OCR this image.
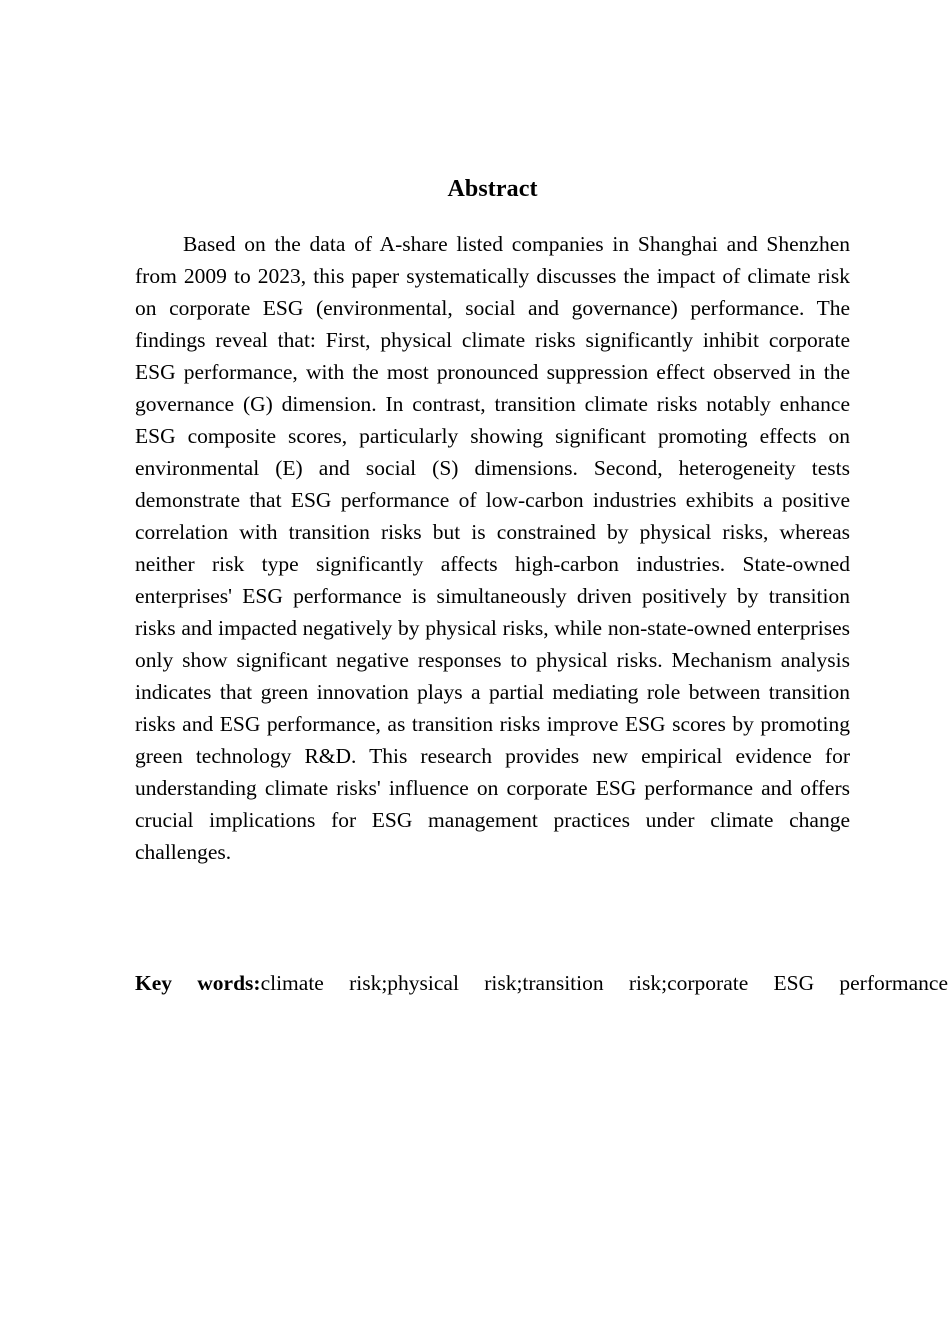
Abstract

Based on the data of A-share listed companies in Shanghai and Shenzhen from 2009 to 2023, this paper systematically discusses the impact of climate risk on corporate ESG (environmental, social and governance) performance. The findings reveal that: First, physical climate risks significantly inhibit corporate ESG performance, with the most pronounced suppression effect observed in the governance (G) dimension. In contrast, transition climate risks notably enhance ESG composite scores, particularly showing significant promoting effects on environmental (E) and social (S) dimensions. Second, heterogeneity tests demonstrate that ESG performance of low-carbon industries exhibits a positive correlation with transition risks but is constrained by physical risks, whereas neither risk type significantly affects high-carbon industries. State-owned enterprises' ESG performance is simultaneously driven positively by transition risks and impacted negatively by physical risks, while non-state-owned enterprises only show significant negative responses to physical risks. Mechanism analysis indicates that green innovation plays a partial mediating role between transition risks and ESG performance, as transition risks improve ESG scores by promoting green technology R&D. This research provides new empirical evidence for understanding climate risks' influence on corporate ESG performance and offers crucial implications for ESG management practices under climate change challenges.

Key words:climate risk;physical risk;transition risk;corporate ESG performance
